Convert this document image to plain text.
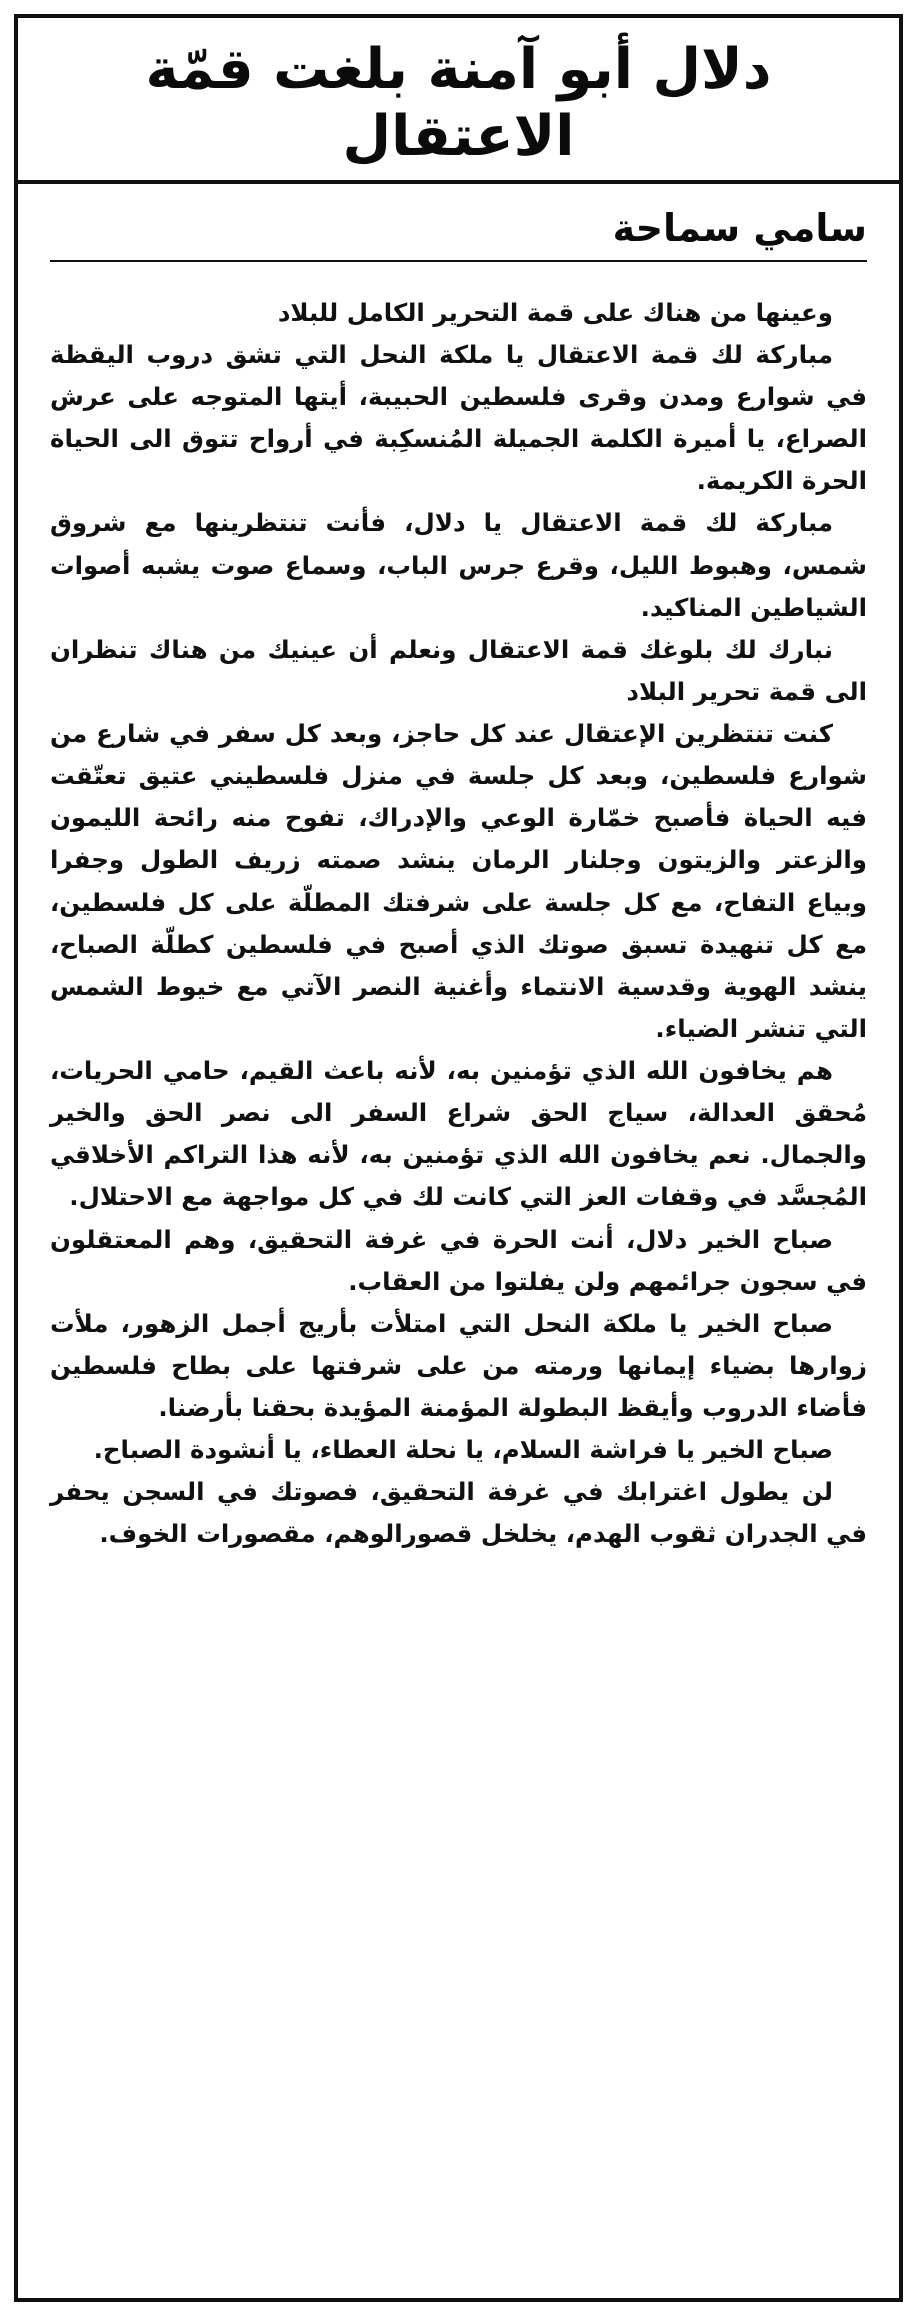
دلال أبو آمنة بلغت قمّة الاعتقال
سامي سماحة

وعينها من هناك على قمة التحرير الكامل للبلاد

مباركة لك قمة الاعتقال يا ملكة النحل التي تشق دروب اليقظة في شوارع ومدن وقرى فلسطين الحبيبة، أيتها المتوجه على عرش الصراع، يا أميرة الكلمة الجميلة المُنسكِبة في أرواح تتوق الى الحياة الحرة الكريمة.

مباركة لك قمة الاعتقال يا دلال، فأنت تنتظرينها مع شروق شمس، وهبوط الليل، وقرع جرس الباب، وسماع صوت يشبه أصوات الشياطين المناكيد.

نبارك لك بلوغك قمة الاعتقال ونعلم أن عينيك من هناك تنظران الى قمة تحرير البلاد

كنت تنتظرين الإعتقال عند كل حاجز، وبعد كل سفر في شارع من شوارع فلسطين، وبعد كل جلسة في منزل فلسطيني عتيق تعتّقت فيه الحياة فأصبح خمّارة الوعي والإدراك، تفوح منه رائحة الليمون والزعتر والزيتون وجلنار الرمان ينشد صمته زريف الطول وجفرا وبياع التفاح، مع كل جلسة على شرفتك المطلّة على كل فلسطين، مع كل تنهيدة تسبق صوتك الذي أصبح في فلسطين كطلّة الصباح، ينشد الهوية وقدسية الانتماء وأغنية النصر الآتي مع خيوط الشمس التي تنشر الضياء.

هم يخافون الله الذي تؤمنين به، لأنه باعث القيم، حامي الحريات، مُحقق العدالة، سياج الحق شراع السفر الى نصر الحق والخير والجمال. نعم يخافون الله الذي تؤمنين به، لأنه هذا التراكم الأخلاقي المُجسَّد في وقفات العز التي كانت لك في كل مواجهة مع الاحتلال.

صباح الخير دلال، أنت الحرة في غرفة التحقيق، وهم المعتقلون في سجون جرائمهم ولن يفلتوا من العقاب.

صباح الخير يا ملكة النحل التي امتلأت بأريج أجمل الزهور، ملأت زوارها بضياء إيمانها ورمته من على شرفتها على بطاح فلسطين فأضاء الدروب وأيقظ البطولة المؤمنة المؤيدة بحقنا بأرضنا.

صباح الخير يا فراشة السلام، يا نحلة العطاء، يا أنشودة الصباح.

لن يطول اغترابك في غرفة التحقيق، فصوتك في السجن يحفر في الجدران ثقوب الهدم، يخلخل قصورالوهم، مقصورات الخوف.
